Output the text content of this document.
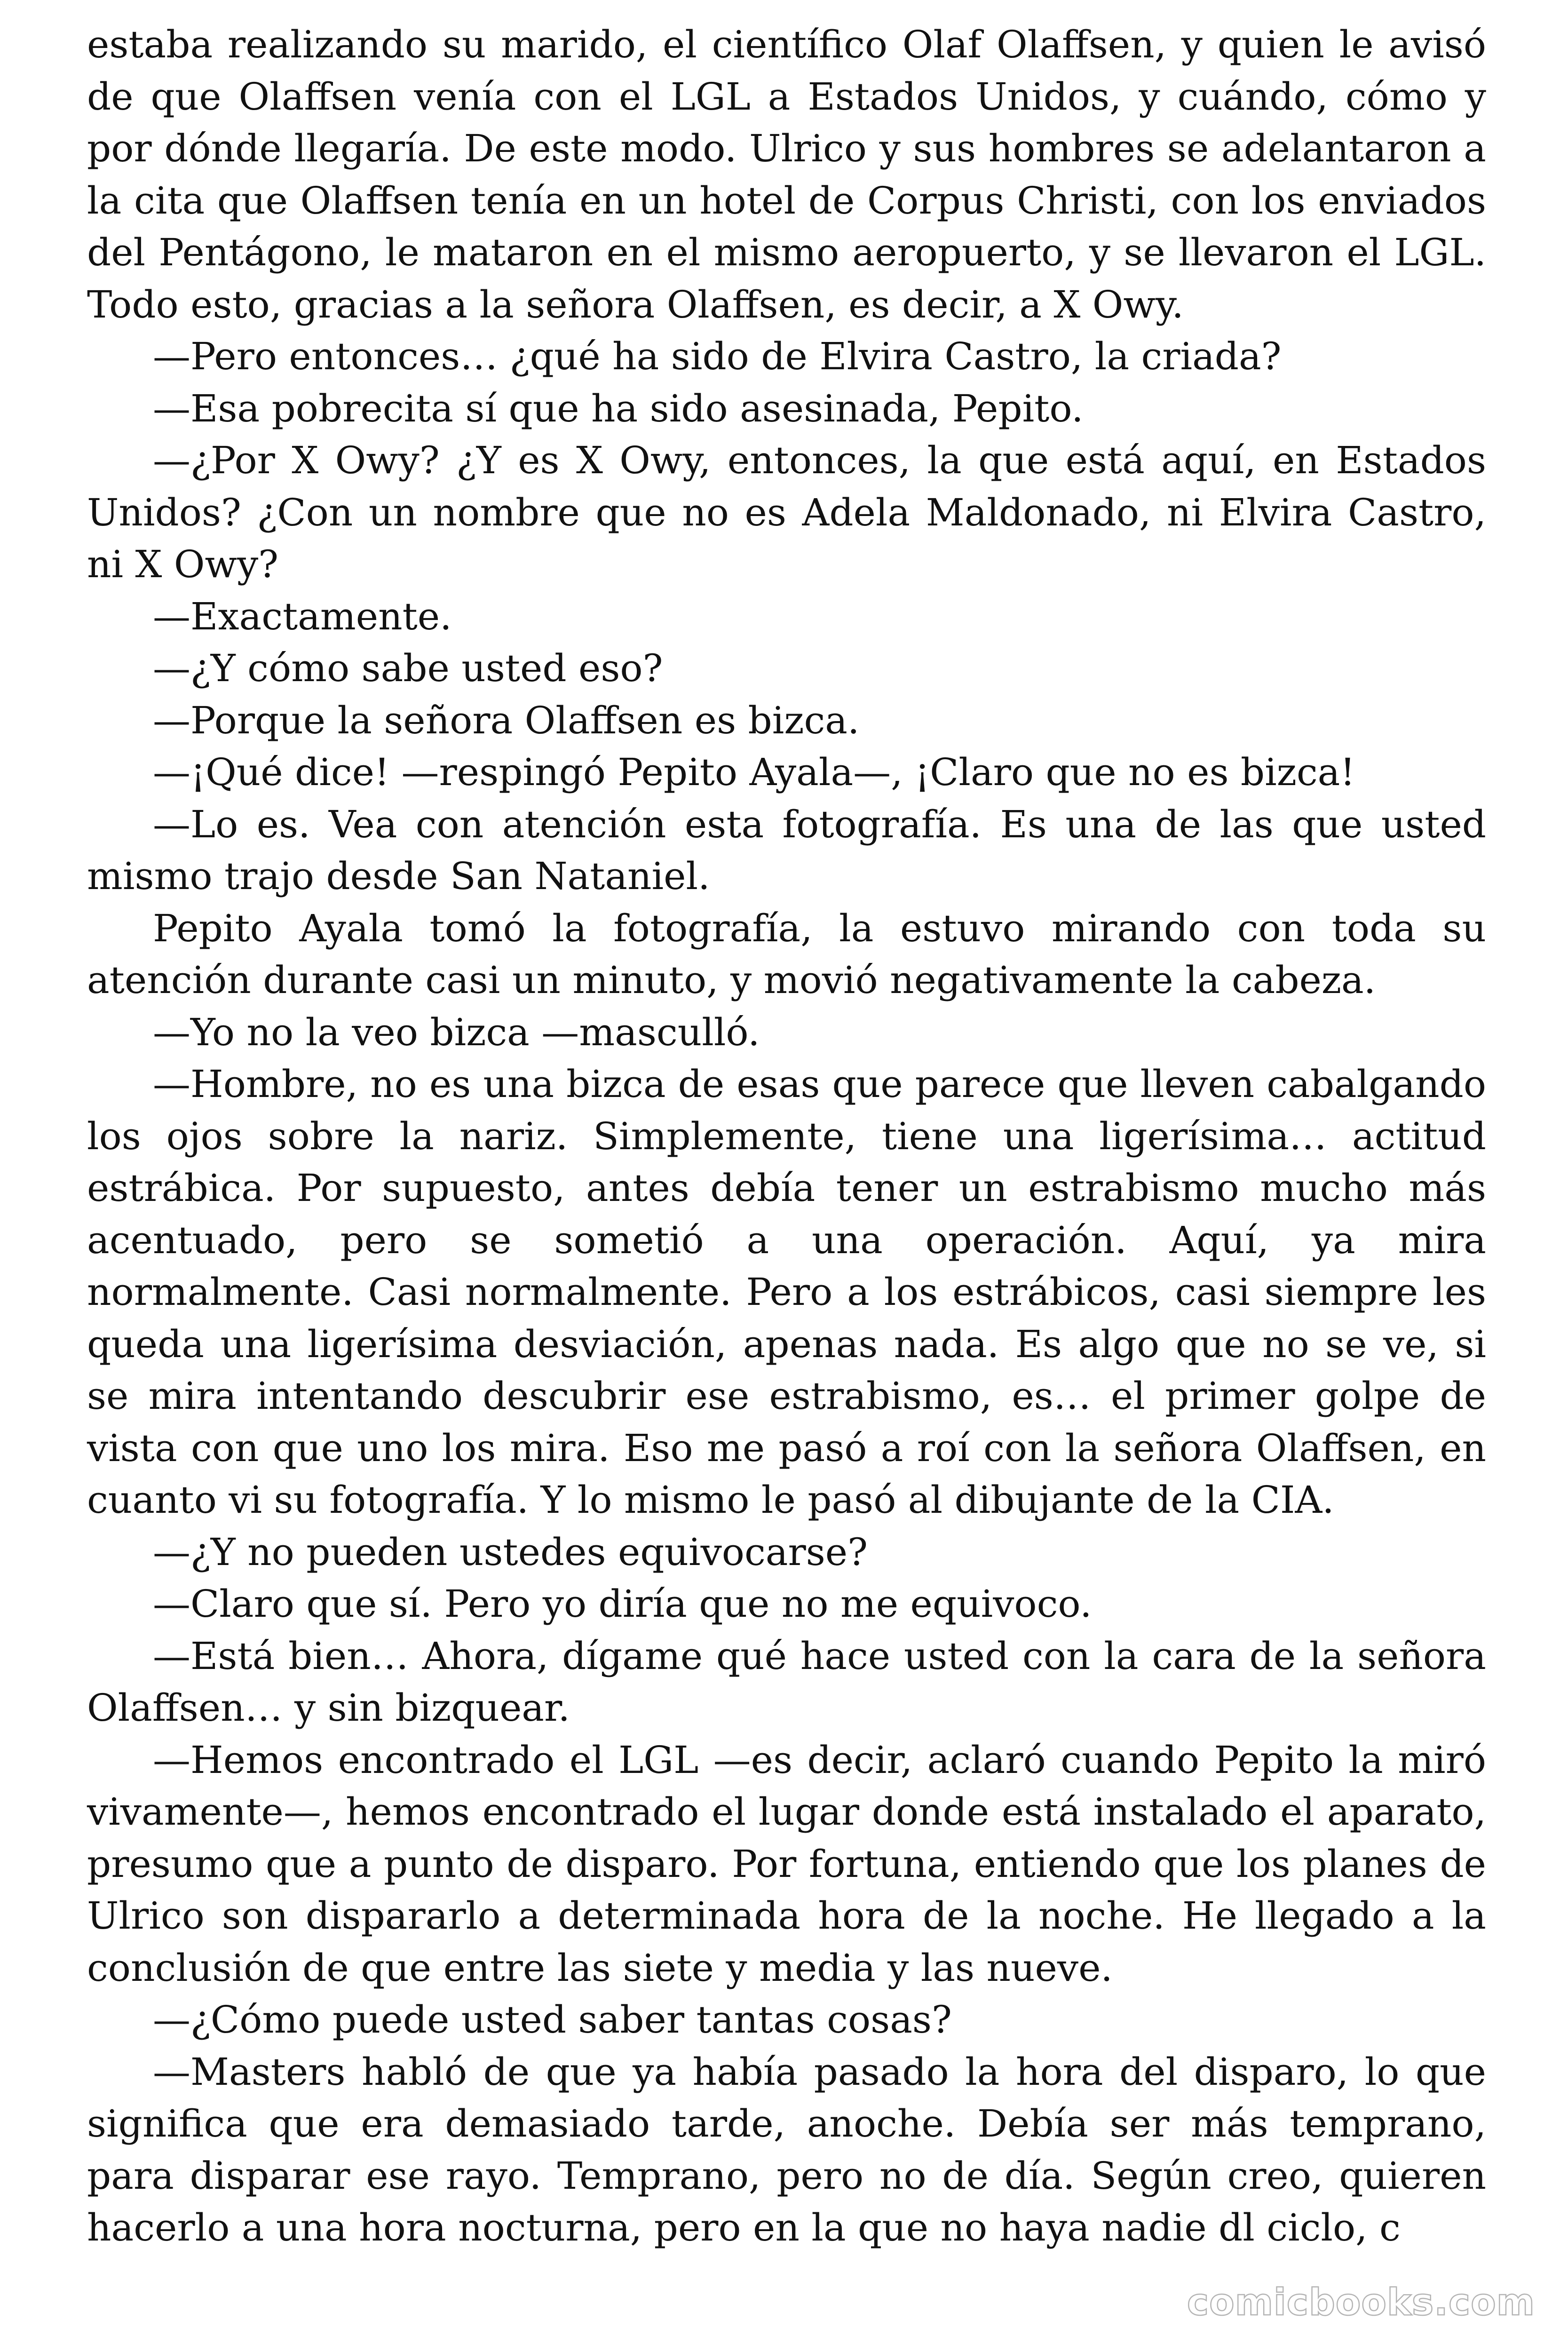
estaba realizando su marido, el científico Olaf Olaffsen, y quien le avisó de que Olaffsen venía con el LGL a Estados Unidos, y cuándo, cómo y por dónde llegaría. De este modo. Ulrico y sus hombres se adelantaron a la cita que Olaffsen tenía en un hotel de Corpus Christi, con los enviados del Pentágono, le mataron en el mismo aeropuerto, y se llevaron el LGL. Todo esto, gracias a la señora Olaffsen, es decir, a X Owy.

—Pero entonces… ¿qué ha sido de Elvira Castro, la criada?

—Esa pobrecita sí que ha sido asesinada, Pepito.

—¿Por X Owy? ¿Y es X Owy, entonces, la que está aquí, en Estados Unidos? ¿Con un nombre que no es Adela Maldonado, ni Elvira Castro, ni X Owy?

—Exactamente.

—¿Y cómo sabe usted eso?

—Porque la señora Olaffsen es bizca.

—¡Qué dice! —respingó Pepito Ayala—, ¡Claro que no es bizca!

—Lo es. Vea con atención esta fotografía. Es una de las que usted mismo trajo desde San Nataniel.

Pepito Ayala tomó la fotografía, la estuvo mirando con toda su atención durante casi un minuto, y movió negativamente la cabeza.

—Yo no la veo bizca —masculló.

—Hombre, no es una bizca de esas que parece que lleven cabalgando los ojos sobre la nariz. Simplemente, tiene una ligerísima… actitud estrábica. Por supuesto, antes debía tener un estrabismo mucho más acentuado, pero se sometió a una operación. Aquí, ya mira normalmente. Casi normalmente. Pero a los estrábicos, casi siempre les queda una ligerísima desviación, apenas nada. Es algo que no se ve, si se mira intentando descubrir ese estrabismo, es… el primer golpe de vista con que uno los mira. Eso me pasó a roí con la señora Olaffsen, en cuanto vi su fotografía. Y lo mismo le pasó al dibujante de la CIA.

—¿Y no pueden ustedes equivocarse?

—Claro que sí. Pero yo diría que no me equivoco.

—Está bien… Ahora, dígame qué hace usted con la cara de la señora Olaffsen… y sin bizquear.

—Hemos encontrado el LGL —es decir, aclaró cuando Pepito la miró vivamente—, hemos encontrado el lugar donde está instalado el aparato, presumo que a punto de disparo. Por fortuna, entiendo que los planes de Ulrico son dispararlo a determinada hora de la noche. He llegado a la conclusión de que entre las siete y media y las nueve.

—¿Cómo puede usted saber tantas cosas?

—Masters habló de que ya había pasado la hora del disparo, lo que significa que era demasiado tarde, anoche. Debía ser más temprano, para disparar ese rayo. Temprano, pero no de día. Según creo, quieren hacerlo a una hora nocturna, pero en la que no haya nadie dl ciclo, c

comicbooks.com
